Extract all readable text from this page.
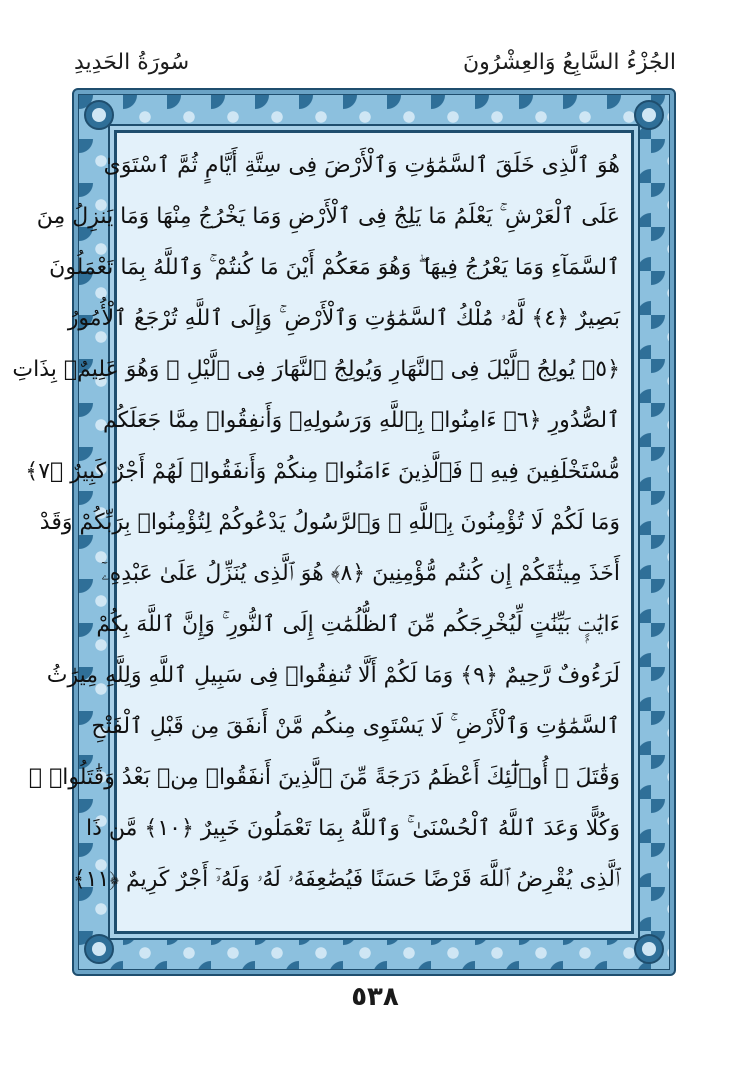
الجُزْءُ السَّابِعُ وَالعِشْرُونَ
سُورَةُ الحَدِيدِ
هُوَ ٱلَّذِى خَلَقَ ٱلسَّمَٰوَٰتِ وَٱلْأَرْضَ فِى سِتَّةِ أَيَّامٍ ثُمَّ ٱسْتَوَىٰ
عَلَى ٱلْعَرْشِ ۚ يَعْلَمُ مَا يَلِجُ فِى ٱلْأَرْضِ وَمَا يَخْرُجُ مِنْهَا وَمَا يَنزِلُ مِنَ
ٱلسَّمَآءِ وَمَا يَعْرُجُ فِيهَا ۖ وَهُوَ مَعَكُمْ أَيْنَ مَا كُنتُمْ ۚ وَٱللَّهُ بِمَا تَعْمَلُونَ
بَصِيرٌ ﴿٤﴾ لَّهُۥ مُلْكُ ٱلسَّمَٰوَٰتِ وَٱلْأَرْضِ ۚ وَإِلَى ٱللَّهِ تُرْجَعُ ٱلْأُمُورُ
﴿٥﴾ يُولِجُ ٱلَّيْلَ فِى ٱلنَّهَارِ وَيُولِجُ ٱلنَّهَارَ فِى ٱلَّيْلِ ۚ وَهُوَ عَلِيمٌۢ بِذَاتِ
ٱلصُّدُورِ ﴿٦﴾ ءَامِنُوا۟ بِٱللَّهِ وَرَسُولِهِۦ وَأَنفِقُوا۟ مِمَّا جَعَلَكُم
مُّسْتَخْلَفِينَ فِيهِ ۖ فَٱلَّذِينَ ءَامَنُوا۟ مِنكُمْ وَأَنفَقُوا۟ لَهُمْ أَجْرٌ كَبِيرٌ ﴿٧﴾
وَمَا لَكُمْ لَا تُؤْمِنُونَ بِٱللَّهِ ۙ وَٱلرَّسُولُ يَدْعُوكُمْ لِتُؤْمِنُوا۟ بِرَبِّكُمْ وَقَدْ
أَخَذَ مِيثَٰقَكُمْ إِن كُنتُم مُّؤْمِنِينَ ﴿٨﴾ هُوَ ٱلَّذِى يُنَزِّلُ عَلَىٰ عَبْدِهِۦٓ
ءَايَٰتٍۭ بَيِّنَٰتٍ لِّيُخْرِجَكُم مِّنَ ٱلظُّلُمَٰتِ إِلَى ٱلنُّورِ ۚ وَإِنَّ ٱللَّهَ بِكُمْ
لَرَءُوفٌ رَّحِيمٌ ﴿٩﴾ وَمَا لَكُمْ أَلَّا تُنفِقُوا۟ فِى سَبِيلِ ٱللَّهِ وَلِلَّهِ مِيرَٰثُ
ٱلسَّمَٰوَٰتِ وَٱلْأَرْضِ ۚ لَا يَسْتَوِى مِنكُم مَّنْ أَنفَقَ مِن قَبْلِ ٱلْفَتْحِ
وَقَٰتَلَ ۚ أُو۟لَٰٓئِكَ أَعْظَمُ دَرَجَةً مِّنَ ٱلَّذِينَ أَنفَقُوا۟ مِنۢ بَعْدُ وَقَٰتَلُوا۟ ۚ
وَكُلًّا وَعَدَ ٱللَّهُ ٱلْحُسْنَىٰ ۚ وَٱللَّهُ بِمَا تَعْمَلُونَ خَبِيرٌ ﴿١٠﴾ مَّن ذَا
ٱلَّذِى يُقْرِضُ ٱللَّهَ قَرْضًا حَسَنًا فَيُضَٰعِفَهُۥ لَهُۥ وَلَهُۥٓ أَجْرٌ كَرِيمٌ ﴿١١﴾
٥٣٨
